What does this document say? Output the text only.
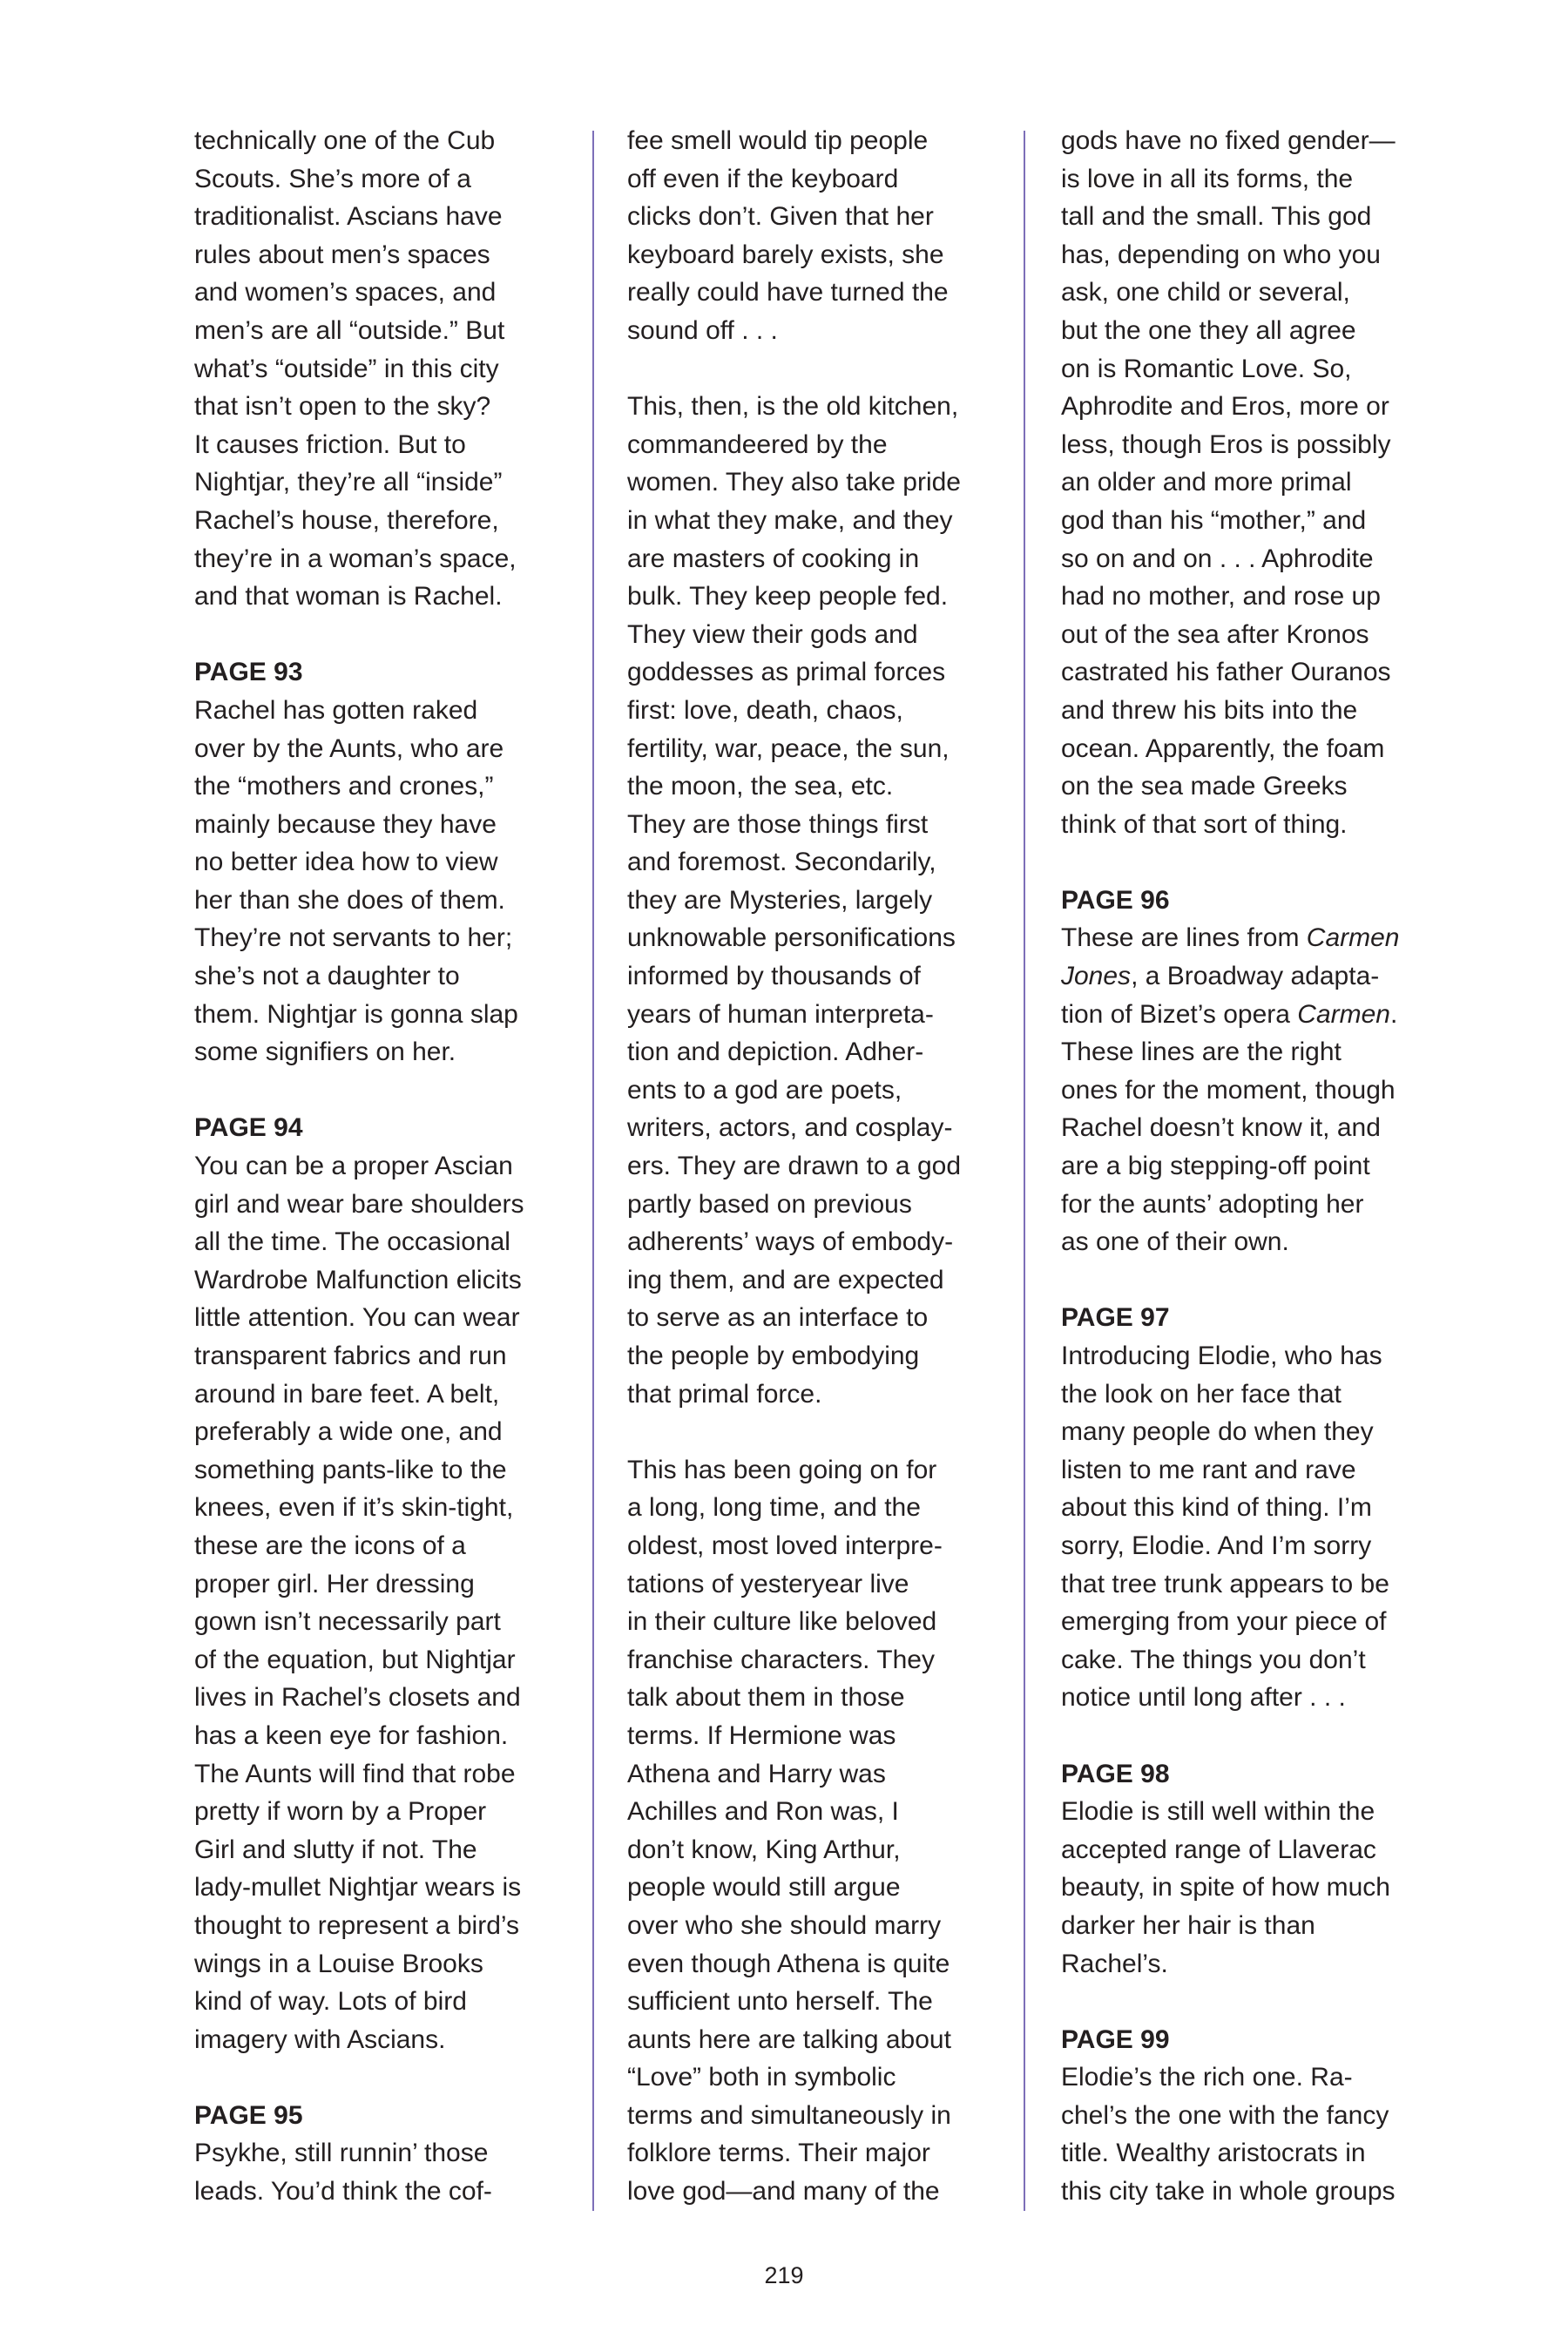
technically one of the Cub
Scouts. She’s more of a
traditionalist. Ascians have
rules about men’s spaces
and women’s spaces, and
men’s are all “outside.” But
what’s “outside” in this city
that isn’t open to the sky?
It causes friction. But to
Nightjar, they’re all “inside”
Rachel’s house, therefore,
they’re in a woman’s space,
and that woman is Rachel.
PAGE 93
Rachel has gotten raked
over by the Aunts, who are
the “mothers and crones,”
mainly because they have
no better idea how to view
her than she does of them.
They’re not servants to her;
she’s not a daughter to
them. Nightjar is gonna slap
some signifiers on her.
PAGE 94
You can be a proper Ascian
girl and wear bare shoulders
all the time. The occasional
Wardrobe Malfunction elicits
little attention. You can wear
transparent fabrics and run
around in bare feet. A belt,
preferably a wide one, and
something pants-like to the
knees, even if it’s skin-tight,
these are the icons of a
proper girl. Her dressing
gown isn’t necessarily part
of the equation, but Nightjar
lives in Rachel’s closets and
has a keen eye for fashion.
The Aunts will find that robe
pretty if worn by a Proper
Girl and slutty if not. The
lady-mullet Nightjar wears is
thought to represent a bird’s
wings in a Louise Brooks
kind of way. Lots of bird
imagery with Ascians.
PAGE 95
Psykhe, still runnin’ those
leads. You’d think the cof-
fee smell would tip people
off even if the keyboard
clicks don’t. Given that her
keyboard barely exists, she
really could have turned the
sound off . . .
This, then, is the old kitchen,
commandeered by the
women. They also take pride
in what they make, and they
are masters of cooking in
bulk. They keep people fed.
They view their gods and
goddesses as primal forces
first: love, death, chaos,
fertility, war, peace, the sun,
the moon, the sea, etc.
They are those things first
and foremost. Secondarily,
they are Mysteries, largely
unknowable personifications
informed by thousands of
years of human interpreta-
tion and depiction. Adher-
ents to a god are poets,
writers, actors, and cosplay-
ers. They are drawn to a god
partly based on previous
adherents’ ways of embody-
ing them, and are expected
to serve as an interface to
the people by embodying
that primal force.
This has been going on for
a long, long time, and the
oldest, most loved interpre-
tations of yesteryear live
in their culture like beloved
franchise characters. They
talk about them in those
terms. If Hermione was
Athena and Harry was
Achilles and Ron was, I
don’t know, King Arthur,
people would still argue
over who she should marry
even though Athena is quite
sufficient unto herself. The
aunts here are talking about
“Love” both in symbolic
terms and simultaneously in
folklore terms. Their major
love god—and many of the
gods have no fixed gender—
is love in all its forms, the
tall and the small. This god
has, depending on who you
ask, one child or several,
but the one they all agree
on is Romantic Love. So,
Aphrodite and Eros, more or
less, though Eros is possibly
an older and more primal
god than his “mother,” and
so on and on . . . Aphrodite
had no mother, and rose up
out of the sea after Kronos
castrated his father Ouranos
and threw his bits into the
ocean. Apparently, the foam
on the sea made Greeks
think of that sort of thing.
PAGE 96
These are lines from Carmen
Jones, a Broadway adapta-
tion of Bizet’s opera Carmen.
These lines are the right
ones for the moment, though
Rachel doesn’t know it, and
are a big stepping-off point
for the aunts’ adopting her
as one of their own.
PAGE 97
Introducing Elodie, who has
the look on her face that
many people do when they
listen to me rant and rave
about this kind of thing. I’m
sorry, Elodie. And I’m sorry
that tree trunk appears to be
emerging from your piece of
cake. The things you don’t
notice until long after . . .
PAGE 98
Elodie is still well within the
accepted range of Llaverac
beauty, in spite of how much
darker her hair is than
Rachel’s.
PAGE 99
Elodie’s the rich one. Ra-
chel’s the one with the fancy
title. Wealthy aristocrats in
this city take in whole groups
219
